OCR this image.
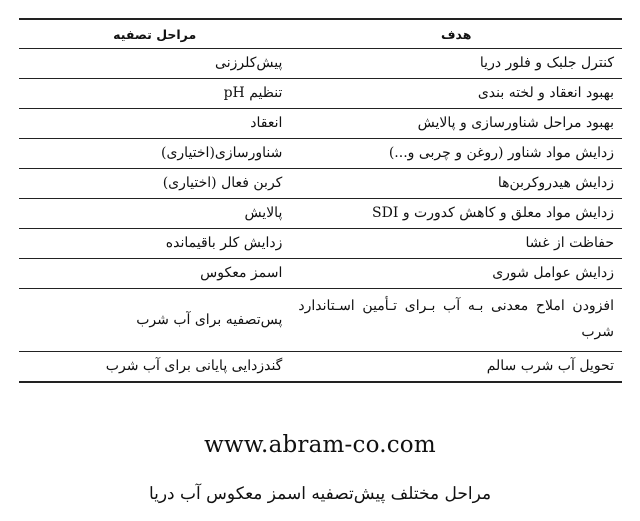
هدف	مراحل تصفیه
کنترل جلبک و فلور دریا	پیش‌کلرزنی
بهبود انعقاد و لخته بندی	تنظیم pH
بهبود مراحل شناورسازی و پالایش	انعقاد
زدایش مواد شناور (روغن و چربی و...)	شناورسازی(اختیاری)
زدایش هیدروکربن‌ها	کربن فعال (اختیاری)
زدایش مواد معلق و کاهش کدورت و SDI	پالایش
حفاظت از غشا	زدایش کلر باقیمانده
زدایش عوامل شوری	اسمز معکوس
افزودن املاح معدنی بـه آب بـرای تـأمین اسـتاندارد شرب	پس‌تصفیه برای آب شرب
تحویل آب شرب سالم	گندزدایی پایانی برای آب شرب
www.abram-co.com
مراحل مختلف پیش‌تصفیه اسمز معکوس آب دریا
